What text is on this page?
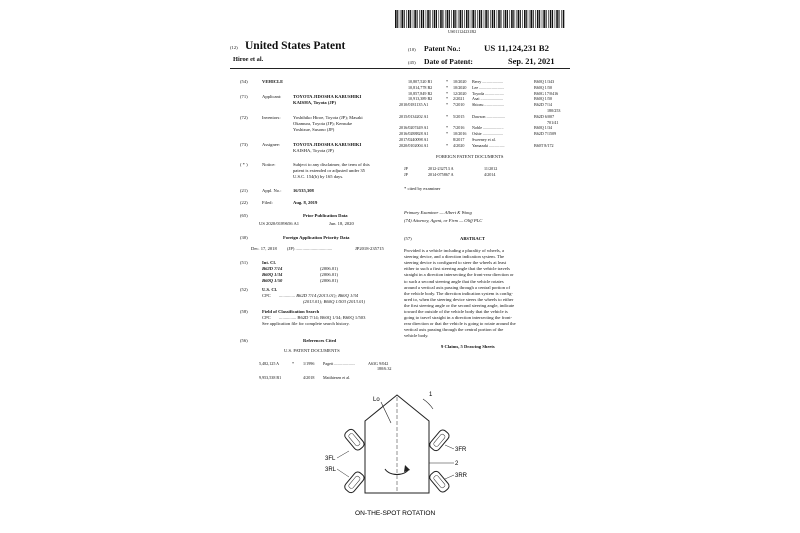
US011124231B2
(12) United States Patent
Hiroe et al.
(10) Patent No.:	US 11,124,231 B2
(45) Date of Patent:	Sep. 21, 2021
(54)	VEHICLE
(71)	Applicant:	TOYOTA JIDOSHA KABUSHIKI
KAISHA, Toyota (JP)
(72)	Inventors:	Yoshihiko Hiroe, Toyota (JP); Masaki
Okamura, Toyota (JP); Kensuke
Yoshizue, Susono (JP)
(73)	Assignee:	TOYOTA JIDOSHA KABUSHIKI
KAISHA, Toyota (JP)
( * )	Notice:	Subject to any disclaimer, the term of this
patent is extended or adjusted under 35
U.S.C. 154(b) by 165 days.
(21)	Appl. No.: 16/535,308
(22)	Filed:	Aug. 8, 2019
(65)	Prior Publication Data
US 2020/0189656 A1	Jun. 18, 2020
(30)	Foreign Application Priority Data
Dec. 17, 2018 (JP) ................................	JP2018-235715
(51)	Int. Cl.
B62D 7/14	(2006.01)
B60Q 1/34	(2006.01)
B60Q 1/50	(2006.01)
(52)	U.S. Cl.
CPC .............. B62D 7/14 (2013.01); B60Q 1/34
(2013.01); B60Q 1/503 (2013.01)
(58)	Field of Classification Search
CPC ............... B62D 7/14; B60Q 1/34; B60Q 1/503
See application file for complete search history.
(56)	References Cited
U.S. PATENT DOCUMENTS
5,482,125 A	* 1/1996 Pagett ....................	A63G 9/042
180/6.32
9,953,538 B1	4/2018 Matthiesen et al.
10,807,520 B1	* 10/2020 Berry ....................	B60Q 1/343
10,814,778 B2	* 10/2020 Lee ........................	B60Q 1/50
10,857,849 B2	* 12/2020 Toyoda ..................	B60G 17/0416
10,913,389 B2	* 2/2021 Asai ......................	B60Q 1/50
2010/0181135 A1	* 7/2010 Shiozu ...................	B62D 7/14
180/253
2015/0134202 A1	* 5/2015 Dawson ..................	B62D 6/007
701/41
2016/0207449 A1	* 7/2016 Noble ....................	B60Q 1/34
2016/0288828 A1	* 10/2016 Oshie ....................	B62D 7/1509
2017/0240098 A1	8/2017 Sweeney et al.
2020/0102004 A1	* 4/2020 Yamazaki ...............	B60T 8/172
FOREIGN PATENT DOCUMENTS
JP	2012-232713 A	11/2012
JP	2014-075867 A	4/2014
* cited by examiner
Primary Examiner — Albert K Wong
(74) Attorney, Agent, or Firm — Oliff PLC
(57)	ABSTRACT
Provided is a vehicle including a plurality of wheels, a
steering device, and a direction indication system. The
steering device is configured to steer the wheels at least
either to such a first steering angle that the vehicle travels
straight in a direction intersecting the front-rear direction or
to such a second steering angle that the vehicle rotates
around a vertical axis passing through a central portion of
the vehicle body. The direction indication system is config-
ured to, when the steering device steers the wheels to either
the first steering angle or the second steering angle, indicate
toward the outside of the vehicle body that the vehicle is
going to travel straight in a direction intersecting the front-
rear direction or that the vehicle is going to rotate around the
vertical axis passing through the central portion of the
vehicle body.
9 Claims, 5 Drawing Sheets
1
Lo
3FL
3RL
3FR
2
3RR
ON-THE-SPOT ROTATION
